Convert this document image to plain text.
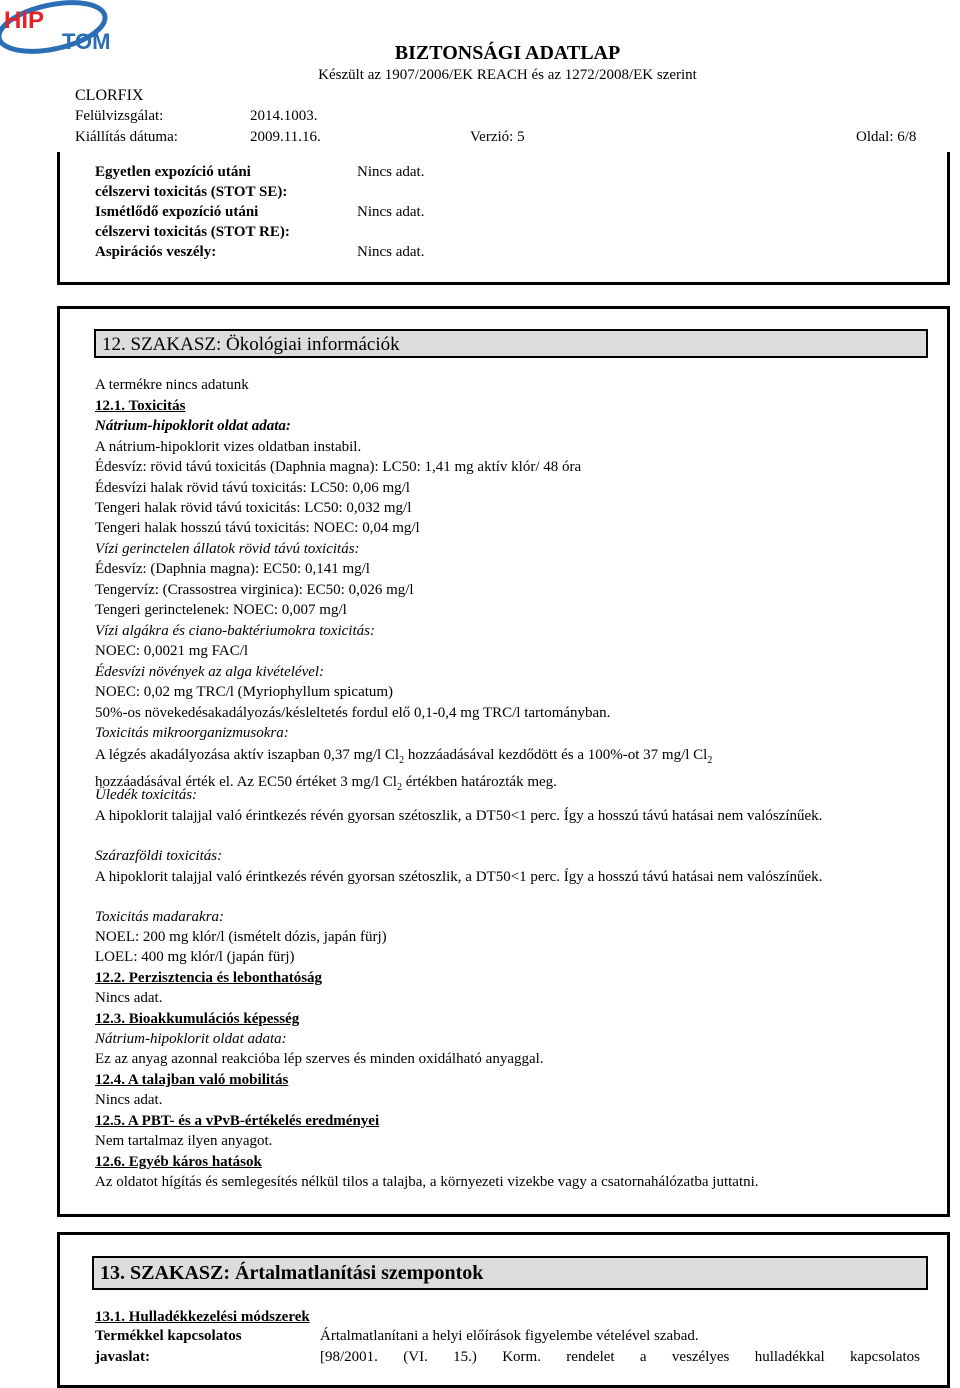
HIP
TOM	BIZTONSÁGI ADATLAP
Készült az 1907/2006/EK REACH és az 1272/2008/EK szerint
CLORFIX
Felülvizsgálat:	2014.1003.
Kiállítás dátuma:	2009.11.16.	Verzió: 5	Oldal: 6/8
Egyetlen expozíció utáni
célszervi toxicitás (STOT SE):
Nincs adat.
Ismétlődő expozíció utáni
célszervi toxicitás (STOT RE):
Nincs adat.
Aspirációs veszély:	Nincs adat.
12. SZAKASZ: Ökológiai információk
A termékre nincs adatunk
12.1. Toxicitás
Nátrium-hipoklorit oldat adata:
A nátrium-hipoklorit vizes oldatban instabil.
Édesvíz: rövid távú toxicitás (Daphnia magna): LC50: 1,41 mg aktív klór/ 48 óra
Édesvízi halak rövid távú toxicitás: LC50: 0,06 mg/l
Tengeri halak rövid távú toxicitás: LC50: 0,032 mg/l
Tengeri halak hosszú távú toxicitás: NOEC: 0,04 mg/l
Vízi gerinctelen állatok rövid távú toxicitás:
Édesvíz: (Daphnia magna): EC50: 0,141 mg/l
Tengervíz: (Crassostrea virginica): EC50: 0,026 mg/l
Tengeri gerinctelenek: NOEC: 0,007 mg/l
Vízi algákra és ciano-baktériumokra toxicitás:
NOEC: 0,0021 mg FAC/l
Édesvízi növények az alga kivételével:
NOEC: 0,02 mg TRC/l (Myriophyllum spicatum)
50%-os növekedésakadályozás/késleltetés fordul elő 0,1-0,4 mg TRC/l tartományban.
Toxicitás mikroorganizmusokra:
A légzés akadályozása aktív iszapban 0,37 mg/l $Cl_2$ hozzáadásával kezdődött és a 100%-ot 37 mg/l $Cl_2$
hozzáadásával érték el. Az EC50 értéket 3 mg/l $Cl_2$ értékben határozták meg.
Üledék toxicitás:
A hipoklorit talajjal való érintkezés révén gyorsan szétoszlik, a DT50<1 perc. Így a hosszú távú hatásai nem valószínűek.
Szárazföldi toxicitás:
A hipoklorit talajjal való érintkezés révén gyorsan szétoszlik, a DT50<1 perc. Így a hosszú távú hatásai nem valószínűek.
Toxicitás madarakra:
NOEL: 200 mg klór/l (ismételt dózis, japán fürj)
LOEL: 400 mg klór/l (japán fürj)
12.2. Perzisztencia és lebonthatóság
Nincs adat.
12.3. Bioakkumulációs képesség
Nátrium-hipoklorit oldat adata:
Ez az anyag azonnal reakcióba lép szerves és minden oxidálható anyaggal.
12.4. A talajban való mobilitás
Nincs adat.
12.5. A PBT- és a vPvB-értékelés eredményei
Nem tartalmaz ilyen anyagot.
12.6. Egyéb káros hatások
Az oldatot hígítás és semlegesítés nélkül tilos a talajba, a környezeti vizekbe vagy a csatornahálózatba juttatni.
13. SZAKASZ: Ártalmatlanítási szempontok
13.1. Hulladékkezelési módszerek
Termékkel kapcsolatos
javaslat:
Ártalmatlanítani a helyi előírások figyelembe vételével szabad.
[98/2001. (VI. 15.) Korm. rendelet a veszélyes hulladékkal kapcsolatos
